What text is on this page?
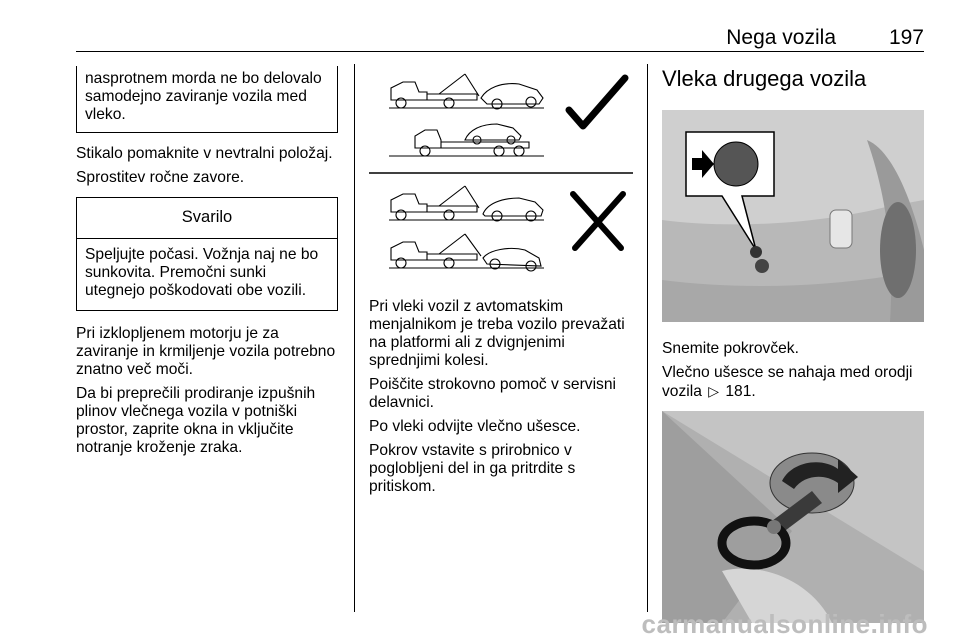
Nega vozila	197
nasprotnem morda ne bo delovalo samodejno zaviranje vozila med vleko.

Stikalo pomaknite v nevtralni položaj.

Sprostitev ročne zavore.

Svarilo
Speljujte počasi. Vožnja naj ne bo sunkovita. Premočni sunki utegnejo poškodovati obe vozili.

Pri izklopljenem motorju je za zaviranje in krmiljenje vozila potrebno znatno več moči.

Da bi preprečili prodiranje izpušnih plinov vlečnega vozila v potniški prostor, zaprite okna in vključite notranje kroženje zraka.

Pri vleki vozil z avtomatskim menjalnikom je treba vozilo prevažati na platformi ali z dvignjenimi sprednjimi kolesi.

Poiščite strokovno pomoč v servisni delavnici.

Po vleki odvijte vlečno ušesce.

Pokrov vstavite s prirobnico v poglobljeni del in ga pritrdite s pritiskom.

Vleka drugega vozila

Snemite pokrovček.

Vlečno ušesce se nahaja med orodji vozila ▷ 181.

carmanualsonline.info
